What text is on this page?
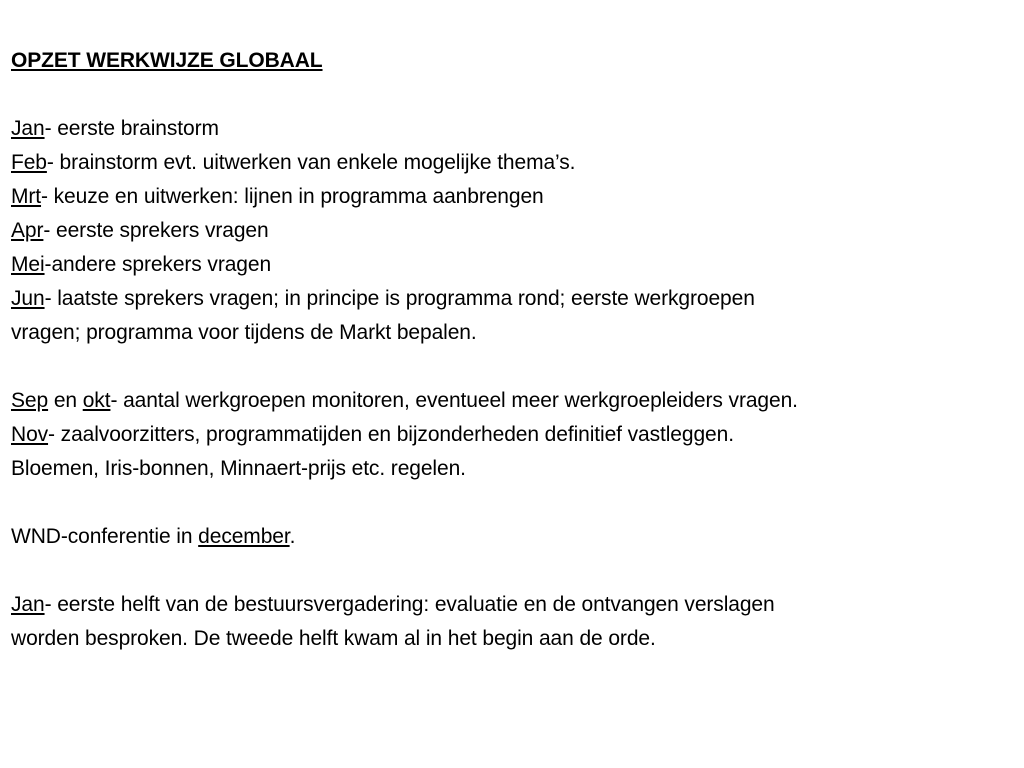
OPZET WERKWIJZE GLOBAAL

Jan- eerste brainstorm

Feb- brainstorm evt. uitwerken van enkele mogelijke thema’s.

Mrt- keuze en uitwerken: lijnen in programma aanbrengen

Apr- eerste sprekers vragen

Mei-andere sprekers vragen

Jun- laatste sprekers vragen; in principe is programma rond; eerste werkgroepen

vragen; programma voor tijdens de Markt bepalen.

Sep en okt- aantal werkgroepen monitoren, eventueel meer werkgroepleiders vragen.

Nov- zaalvoorzitters, programmatijden en bijzonderheden definitief vastleggen.

Bloemen, Iris-bonnen, Minnaert-prijs etc. regelen.

WND-conferentie in december.

Jan- eerste helft van de bestuursvergadering: evaluatie en de ontvangen verslagen

worden besproken. De tweede helft kwam al in het begin aan de orde.
